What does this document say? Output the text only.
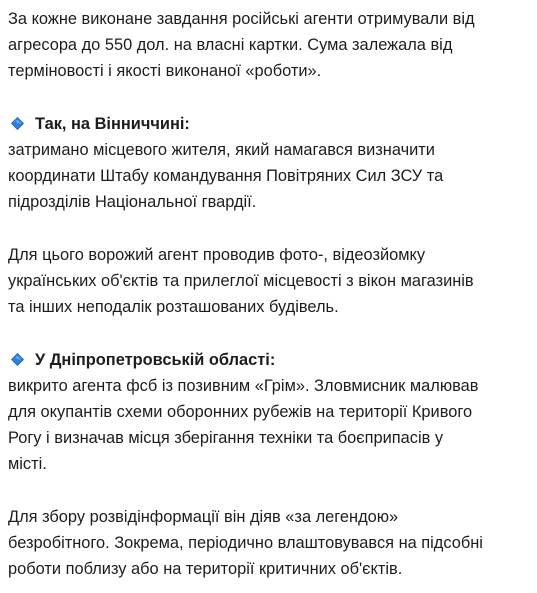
За кожне виконане завдання російські агенти отримували від
агресора до 550 дол. на власні картки. Сума залежала від
терміновості і якості виконаної «роботи».
Так, на Вінниччині:
затримано місцевого жителя, який намагався визначити
координати Штабу командування Повітряних Сил ЗСУ та
підрозділів Національної гвардії.
Для цього ворожий агент проводив фото-, відеозйомку
українських об'єктів та прилеглої місцевості з вікон магазинів
та інших неподалік розташованих будівель.
У Дніпропетровській області:
викрито агента фсб із позивним «Грім». Зловмисник малював
для окупантів схеми оборонних рубежів на території Кривого
Рогу і визначав місця зберігання техніки та боєприпасів у
місті.
Для збору розвідінформації він діяв «за легендою»
безробітного. Зокрема, періодично влаштовувався на підсобні
роботи поблизу або на території критичних об'єктів.
